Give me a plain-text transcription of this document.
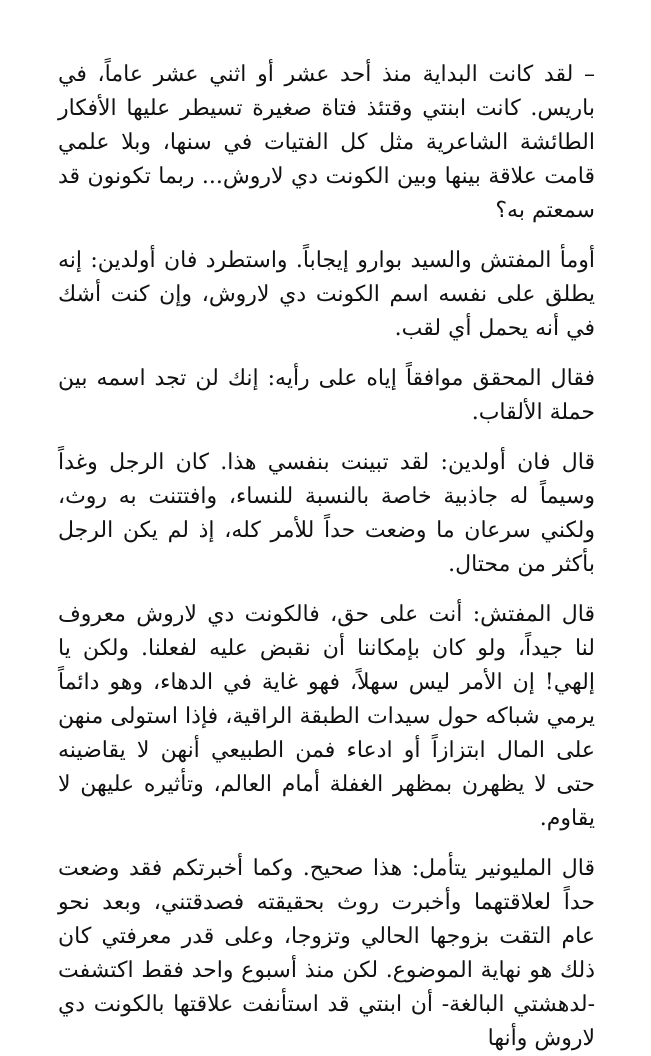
– لقد كانت البداية منذ أحد عشر أو اثني عشر عاماً، في باريس. كانت ابنتي وقتئذ فتاة صغيرة تسيطر عليها الأفكار الطائشة الشاعرية مثل كل الفتيات في سنها، وبلا علمي قامت علاقة بينها وبين الكونت دي لاروش... ربما تكونون قد سمعتم به؟

أومأ المفتش والسيد بوارو إيجاباً. واستطرد فان أولدين: إنه يطلق على نفسه اسم الكونت دي لاروش، وإن كنت أشك في أنه يحمل أي لقب.

فقال المحقق موافقاً إياه على رأيه: إنك لن تجد اسمه بين حملة الألقاب.

قال فان أولدين: لقد تبينت بنفسي هذا. كان الرجل وغداً وسيماً له جاذبية خاصة بالنسبة للنساء، وافتتنت به روث، ولكني سرعان ما وضعت حداً للأمر كله، إذ لم يكن الرجل بأكثر من محتال.

قال المفتش: أنت على حق، فالكونت دي لاروش معروف لنا جيداً، ولو كان بإمكاننا أن نقبض عليه لفعلنا. ولكن يا إلهي! إن الأمر ليس سهلاً، فهو غاية في الدهاء، وهو دائماً يرمي شباكه حول سيدات الطبقة الراقية، فإذا استولى منهن على المال ابتزازاً أو ادعاء فمن الطبيعي أنهن لا يقاضينه حتى لا يظهرن بمظهر الغفلة أمام العالم، وتأثيره عليهن لا يقاوم.

قال المليونير يتأمل: هذا صحيح. وكما أخبرتكم فقد وضعت حداً لعلاقتهما وأخبرت روث بحقيقته فصدقتني، وبعد نحو عام التقت بزوجها الحالي وتزوجا، وعلى قدر معرفتي كان ذلك هو نهاية الموضوع. لكن منذ أسبوع واحد فقط اكتشفت -لدهشتي البالغة- أن ابنتي قد استأنفت علاقتها بالكونت دي لاروش وأنها
